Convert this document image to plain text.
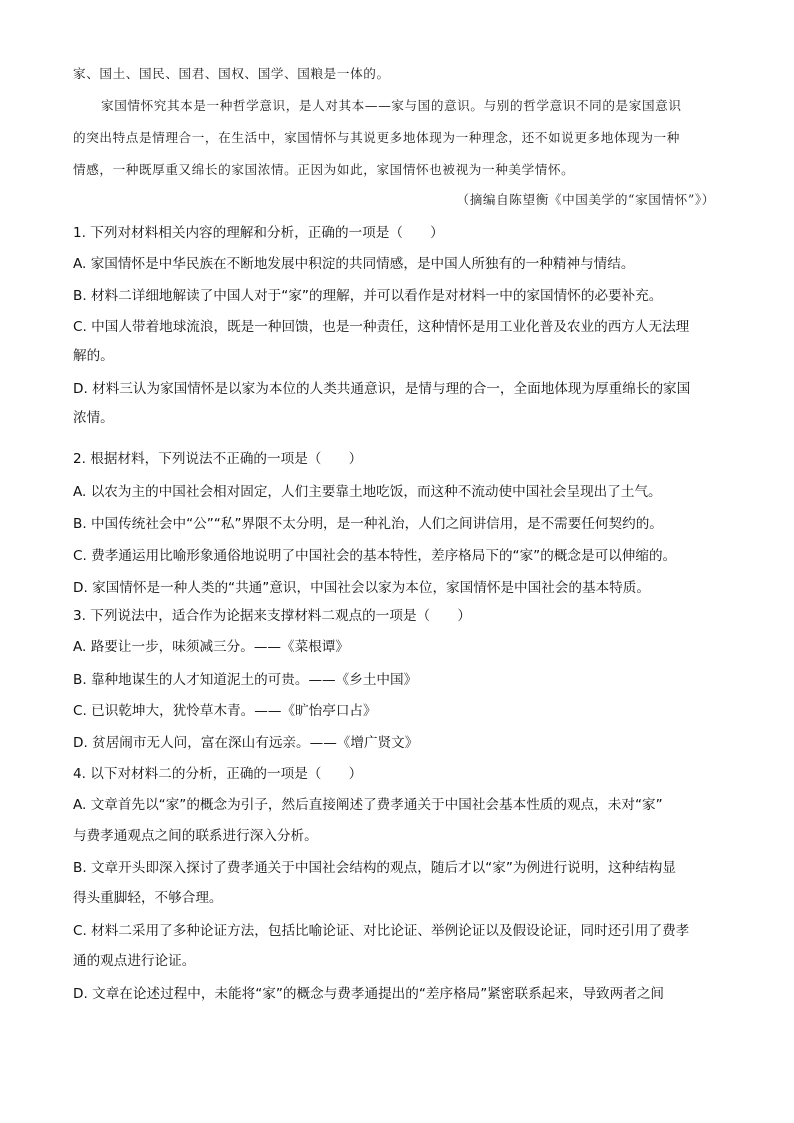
家、国土、国民、国君、国权、国学、国粮是一体的。
家国情怀究其本是一种哲学意识，是人对其本——家与国的意识。与别的哲学意识不同的是家国意识
的突出特点是情理合一，在生活中，家国情怀与其说更多地体现为一种理念，还不如说更多地体现为一种
情感，一种既厚重又绵长的家国浓情。正因为如此，家国情怀也被视为一种美学情怀。
（摘编自陈望衡《中国美学的“家国情怀”》）
1. 下列对材料相关内容的理解和分析，正确的一项是（　　）
A. 家国情怀是中华民族在不断地发展中积淀的共同情感，是中国人所独有的一种精神与情结。
B. 材料二详细地解读了中国人对于“家”的理解，并可以看作是对材料一中的家国情怀的必要补充。
C. 中国人带着地球流浪，既是一种回馈，也是一种责任，这种情怀是用工业化普及农业的西方人无法理
解的。
D. 材料三认为家国情怀是以家为本位的人类共通意识，是情与理的合一，全面地体现为厚重绵长的家国
浓情。
2. 根据材料，下列说法不正确的一项是（　　）
A. 以农为主的中国社会相对固定，人们主要靠土地吃饭，而这种不流动使中国社会呈现出了土气。
B. 中国传统社会中“公”“私”界限不太分明，是一种礼治，人们之间讲信用，是不需要任何契约的。
C. 费孝通运用比喻形象通俗地说明了中国社会的基本特性，差序格局下的“家”的概念是可以伸缩的。
D. 家国情怀是一种人类的“共通”意识，中国社会以家为本位，家国情怀是中国社会的基本特质。
3. 下列说法中，适合作为论据来支撑材料二观点的一项是（　　）
A. 路要让一步，味须减三分。——《菜根谭》
B. 靠种地谋生的人才知道泥土的可贵。——《乡土中国》
C. 已识乾坤大，犹怜草木青。——《旷怡亭口占》
D. 贫居闹市无人问，富在深山有远亲。——《增广贤文》
4. 以下对材料二的分析，正确的一项是（　　）
A. 文章首先以“家”的概念为引子，然后直接阐述了费孝通关于中国社会基本性质的观点，未对“家”
与费孝通观点之间的联系进行深入分析。
B. 文章开头即深入探讨了费孝通关于中国社会结构的观点，随后才以“家”为例进行说明，这种结构显
得头重脚轻，不够合理。
C. 材料二采用了多种论证方法，包括比喻论证、对比论证、举例论证以及假设论证，同时还引用了费孝
通的观点进行论证。
D. 文章在论述过程中，未能将“家”的概念与费孝通提出的“差序格局”紧密联系起来，导致两者之间
